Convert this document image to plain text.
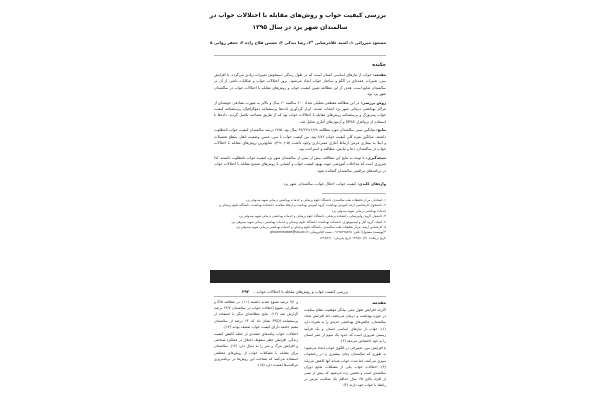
بررسی کیفیت خواب و روش‌های مقابله با اختلالات خواب در
سالمندان شهر یزد در سال ۱۳۹۵
مسعود میرزائی ۱، اسیه غلامرضایی *۲، رضا بیدکی ۳، حسین فلاح زاده ۴، جعفر روانی ۵
چکیده

مقدمه: خواب از نیازهای اساسی انسان است که در طول زندگی دستخوش تغییرات زیادی می‌گردد. با افزایش سن، تغییرات عمده‌ای در الگو و ساختار خواب ایجاد می‌شود. بروز اختلالات خواب و شکایات ناشی از آن در سالمندان شایع است. هدف از این مطالعه تعیین کیفیت خواب و روش‌های مقابله با اختلالات خواب در سالمندان شهر یزد بود.

روش بررسی: در این مطالعه مقطعی-تحلیلی تعداد ۲۰۰ سالمند ۶۰ سال و بالاتر به صورت تصادفی خوشه‌ای از مراکز بهداشتی درمانی شهر یزد انتخاب شدند. ابزار گردآوری داده‌ها پرسشنامه دموگرافیک، پرسشنامه کیفیت خواب پیتزبورگ و پرسشنامه روش‌های مقابله با اختلالات خواب بود که از طریق مصاحبه تکمیل گردید. داده‌ها با استفاده از نرم‌افزار SPSS و آزمون‌های آماری تحلیل شد.

نتایج: میانگین سنی سالمندان مورد مطالعه ۶/۶۸±۶۹/۲۳ سال بود. ۶۷/۵ درصد سالمندان کیفیت خواب نامطلوب داشتند. میانگین نمره کلی کیفیت خواب ۶/۸۲ بود. بین کیفیت خواب با سن، جنس، وضعیت تاهل، سطح تحصیلات و ابتلا به بیماری مزمن ارتباط آماری معنی‌داری وجود داشت (۰/۰۵>P). شایع‌ترین روش‌های مقابله با اختلالات خواب در سالمندان، دعا و نیایش، مطالعه و استراحت بود.

نتیجه‌گیری: با توجه به نتایج این مطالعه، بیش از نیمی از سالمندان شهر یزد کیفیت خواب نامطلوب داشتند. لذا ضروری است که مداخلات آموزشی جهت بهبود کیفیت خواب و آشنایی با روش‌های صحیح مقابله با اختلالات خواب در برنامه‌های مراقبتی سالمندان گنجانده شود.

واژه‌های کلیدی: کیفیت خواب، اختلال خواب، سالمندان، شهر یزد

۱- استادیار، مرکز تحقیقات طب سالمندی، دانشگاه علوم پزشکی و خدمات بهداشتی درمانی شهید صدوقی یزد

۲- دانشجوی کارشناسی ارشد آموزش بهداشت، گروه آموزش بهداشت و ارتقاء سلامت، دانشکده بهداشت، دانشگاه علوم پزشکی و خدمات بهداشتی درمانی شهید صدوقی یزد

۳- دانشیار، گروه روانپزشکی، دانشکده پزشکی، دانشگاه علوم پزشکی و خدمات بهداشتی درمانی شهید صدوقی یزد

۴- استاد، گروه آمار و اپیدمیولوژی، دانشکده بهداشت، دانشگاه علوم پزشکی و خدمات بهداشتی درمانی شهید صدوقی یزد

۵- کارشناس ارشد، مرکز تحقیقات طب سالمندی، دانشگاه علوم پزشکی و خدمات بهداشتی درمانی شهید صدوقی یزد

*(نویسنده مسئول)؛ تلفن: ۰۹۱۳۵۲۹۵۸۲۵، پست الکترونیکی: gholamrezaee@ssu.ac.ir

تاریخ دریافت: ۱۳۹۵/۱۰/۲۱ تاریخ پذیرش: ۱۳۹۶/۲/۱۰

بررسی کیفیت خواب و روش‌های مقابله با اختلالات خواب...۳۹۲
مقدمه

اگرچه افزایش طول عمر، بیانگر موفقیت نظام سلامت در حوزه بهداشت و درمان می‌باشد، اما افزایش تعداد سالمندان، چالش‌های بهداشتی جدیدی را به همراه دارد (۱). خواب از نیازهای اساسی انسان و یک فرآیند زیستی ضروری است که حدود یک سوم از عمر انسان را به خود اختصاص می‌دهد (۲).

با افزایش سن، تغییراتی در الگوی خواب ایجاد می‌شود؛ به طوری که سالمندان زمان بیشتری را در رختخواب سپری می‌کنند، اما مدت خواب شبانه آنها کاهش می‌یابد (۳). اختلالات خواب یکی از مشکلات شایع دوران سالمندی است و تخمین زده می‌شود که بیش از نیمی از افراد بالای ۶۵ سال حداقل یک شکایت مزمن در رابطه با خواب خود دارند (۴).

و ۹/۱ درصد شیوع شدید داشتند (۱۱). در مطالعه Zia و همکاران، شیوع اختلالات خواب در سالمندان ۶۳/۷ درصد گزارش شد (۱۲). نتایج مطالعه‌ای دیگر با استفاده از پرسشنامه PSQI نشان داد که ۶۴ درصد از سالمندان مقیم جامعه دارای کیفیت خواب ضعیف بودند (۱۳).

اختلالات خواب پیامدهای متعددی از جمله کاهش کیفیت زندگی، افزایش خطر سقوط، اختلال در عملکرد شناختی و افزایش مرگ و میر را به دنبال دارد (۱۴). سالمندان برای مقابله با مشکلات خواب از روش‌های مختلفی استفاده می‌کنند که شناخت این روش‌ها در برنامه‌ریزی مراقبت‌ها اهمیت دارد (۱۵).
